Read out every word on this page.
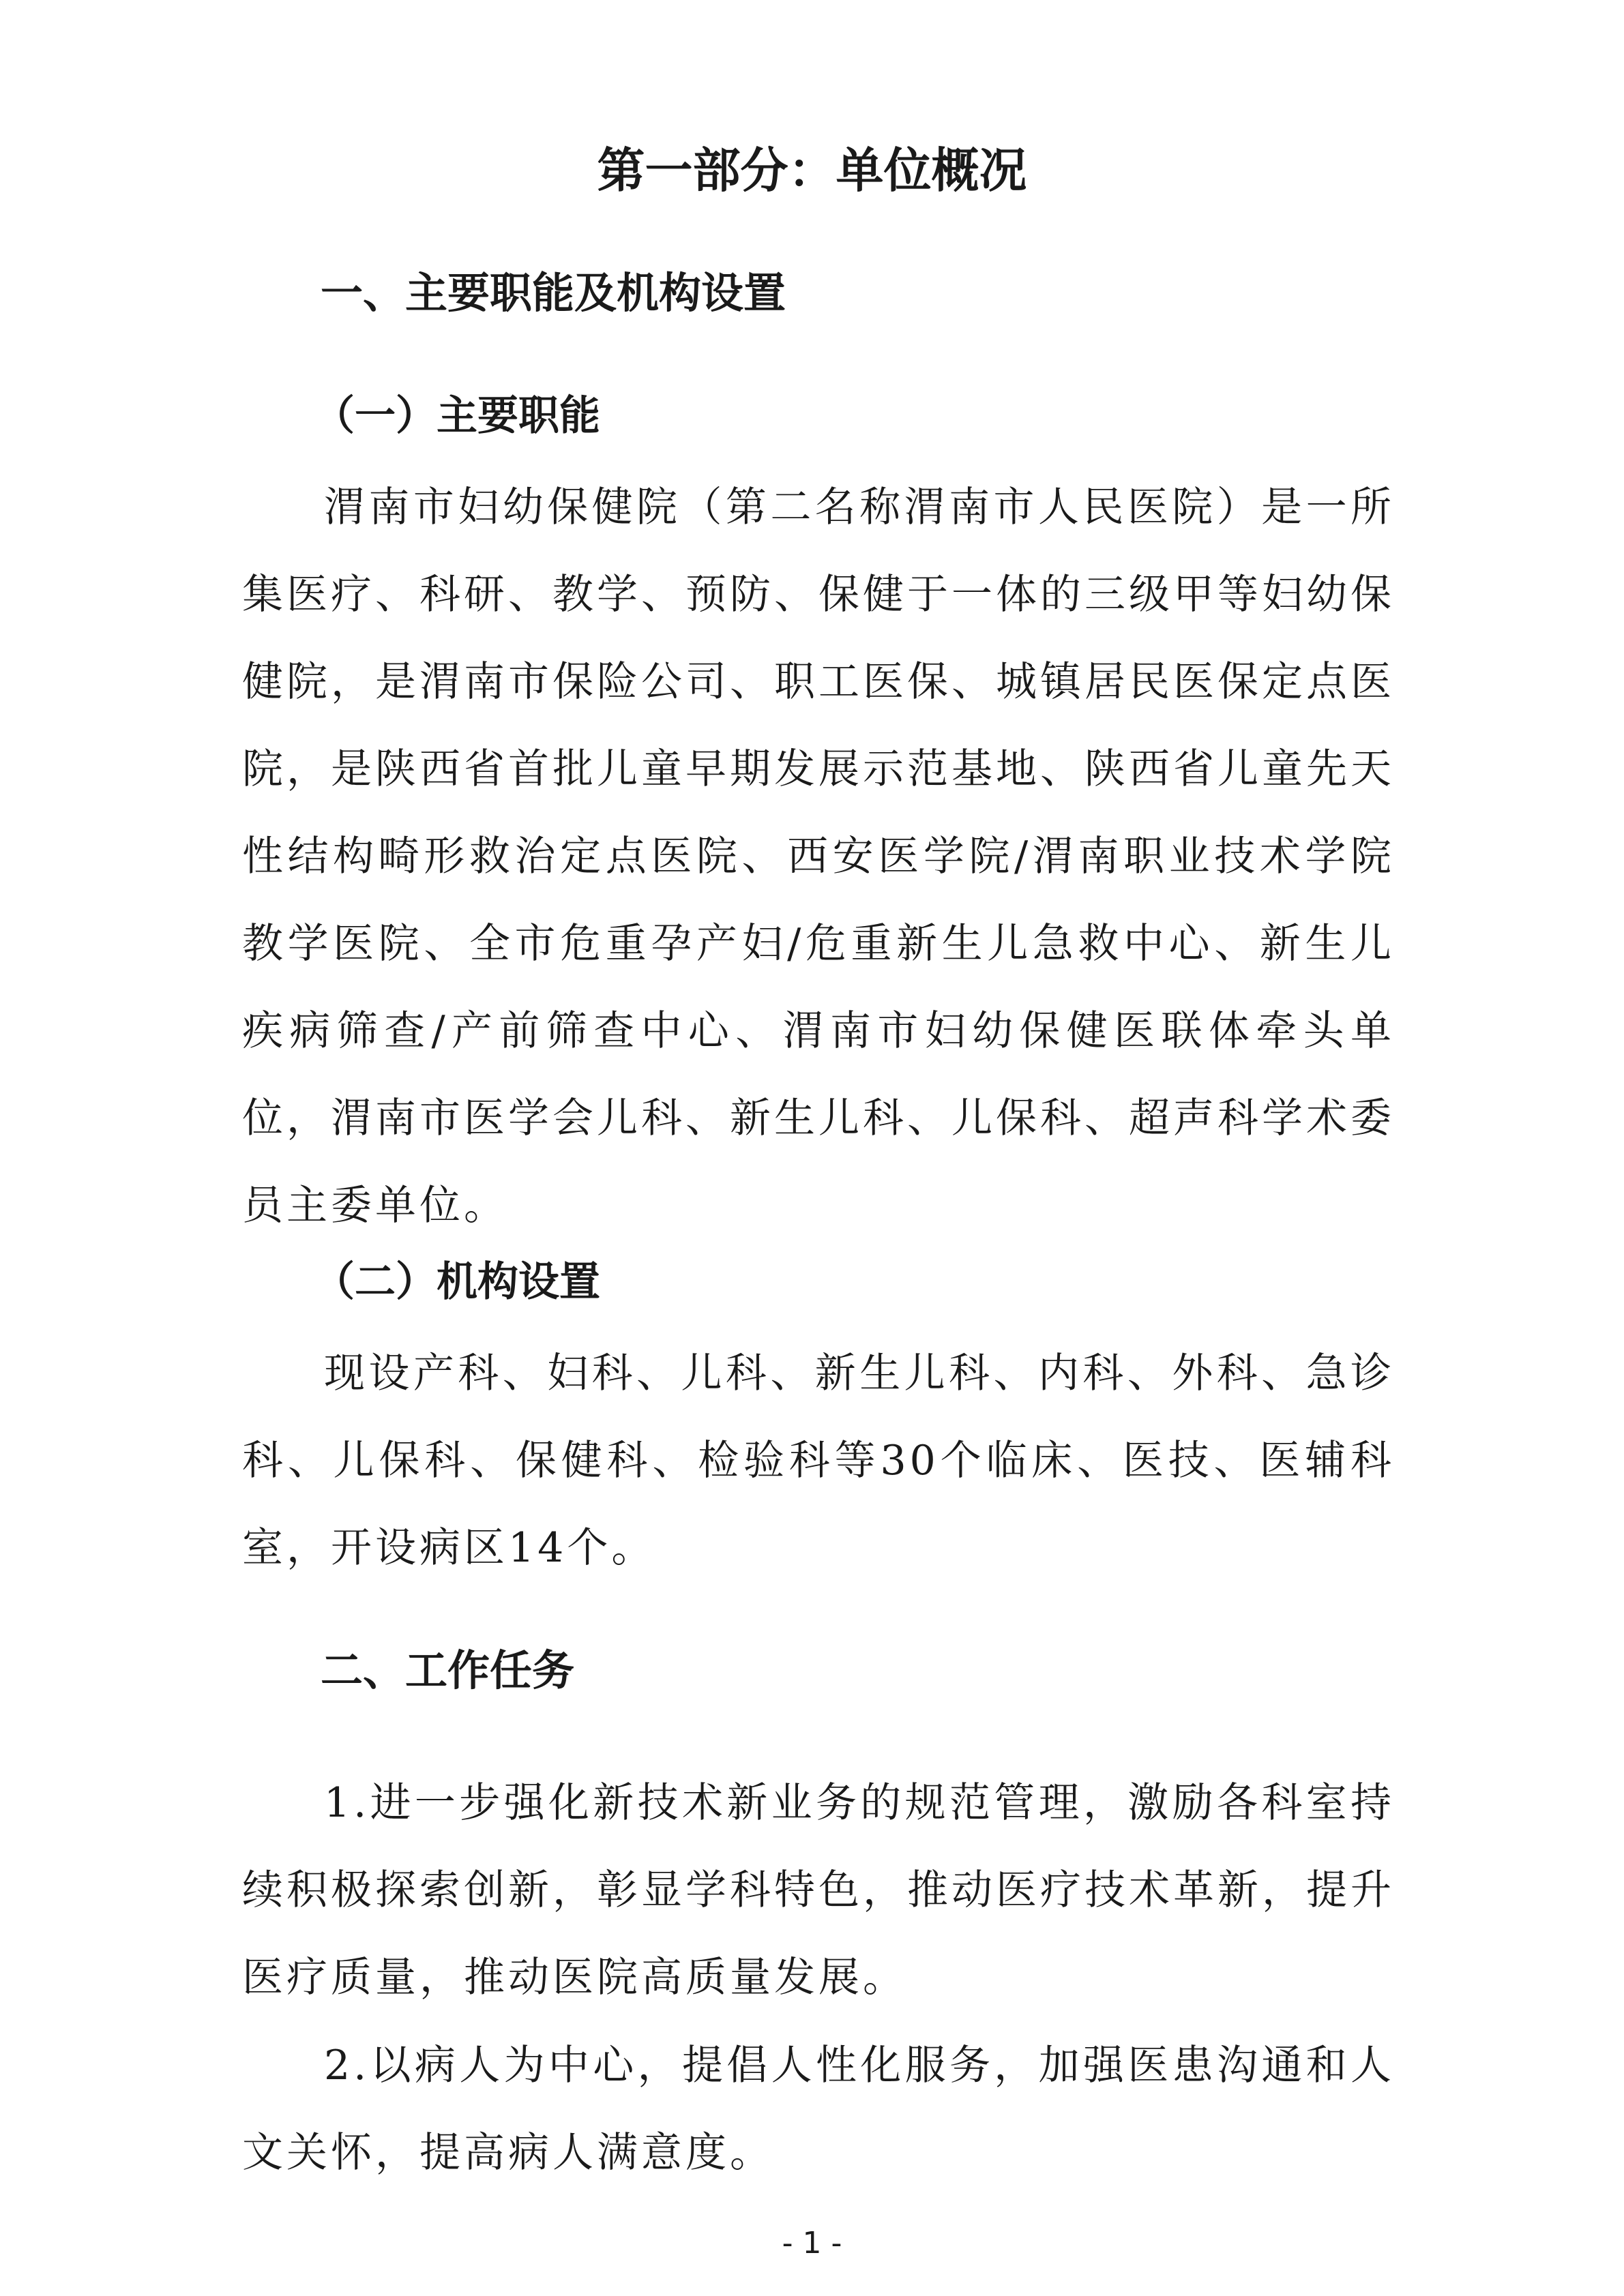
第一部分：单位概况
一、主要职能及机构设置
（一）主要职能

渭南市妇幼保健院（第二名称渭南市人民医院）是一所集医疗、科研、教学、预防、保健于一体的三级甲等妇幼保健院，是渭南市保险公司、职工医保、城镇居民医保定点医院，是陕西省首批儿童早期发展示范基地、陕西省儿童先天性结构畸形救治定点医院、西安医学院/渭南职业技术学院教学医院、全市危重孕产妇/危重新生儿急救中心、新生儿疾病筛查/产前筛查中心、渭南市妇幼保健医联体牵头单位，渭南市医学会儿科、新生儿科、儿保科、超声科学术委员主委单位。

（二）机构设置

现设产科、妇科、儿科、新生儿科、内科、外科、急诊科、儿保科、保健科、检验科等30个临床、医技、医辅科室，开设病区14个。

二、工作任务

1.进一步强化新技术新业务的规范管理，激励各科室持续积极探索创新，彰显学科特色，推动医疗技术革新，提升医疗质量，推动医院高质量发展。

2.以病人为中心，提倡人性化服务，加强医患沟通和人文关怀，提高病人满意度。

- 1 -
